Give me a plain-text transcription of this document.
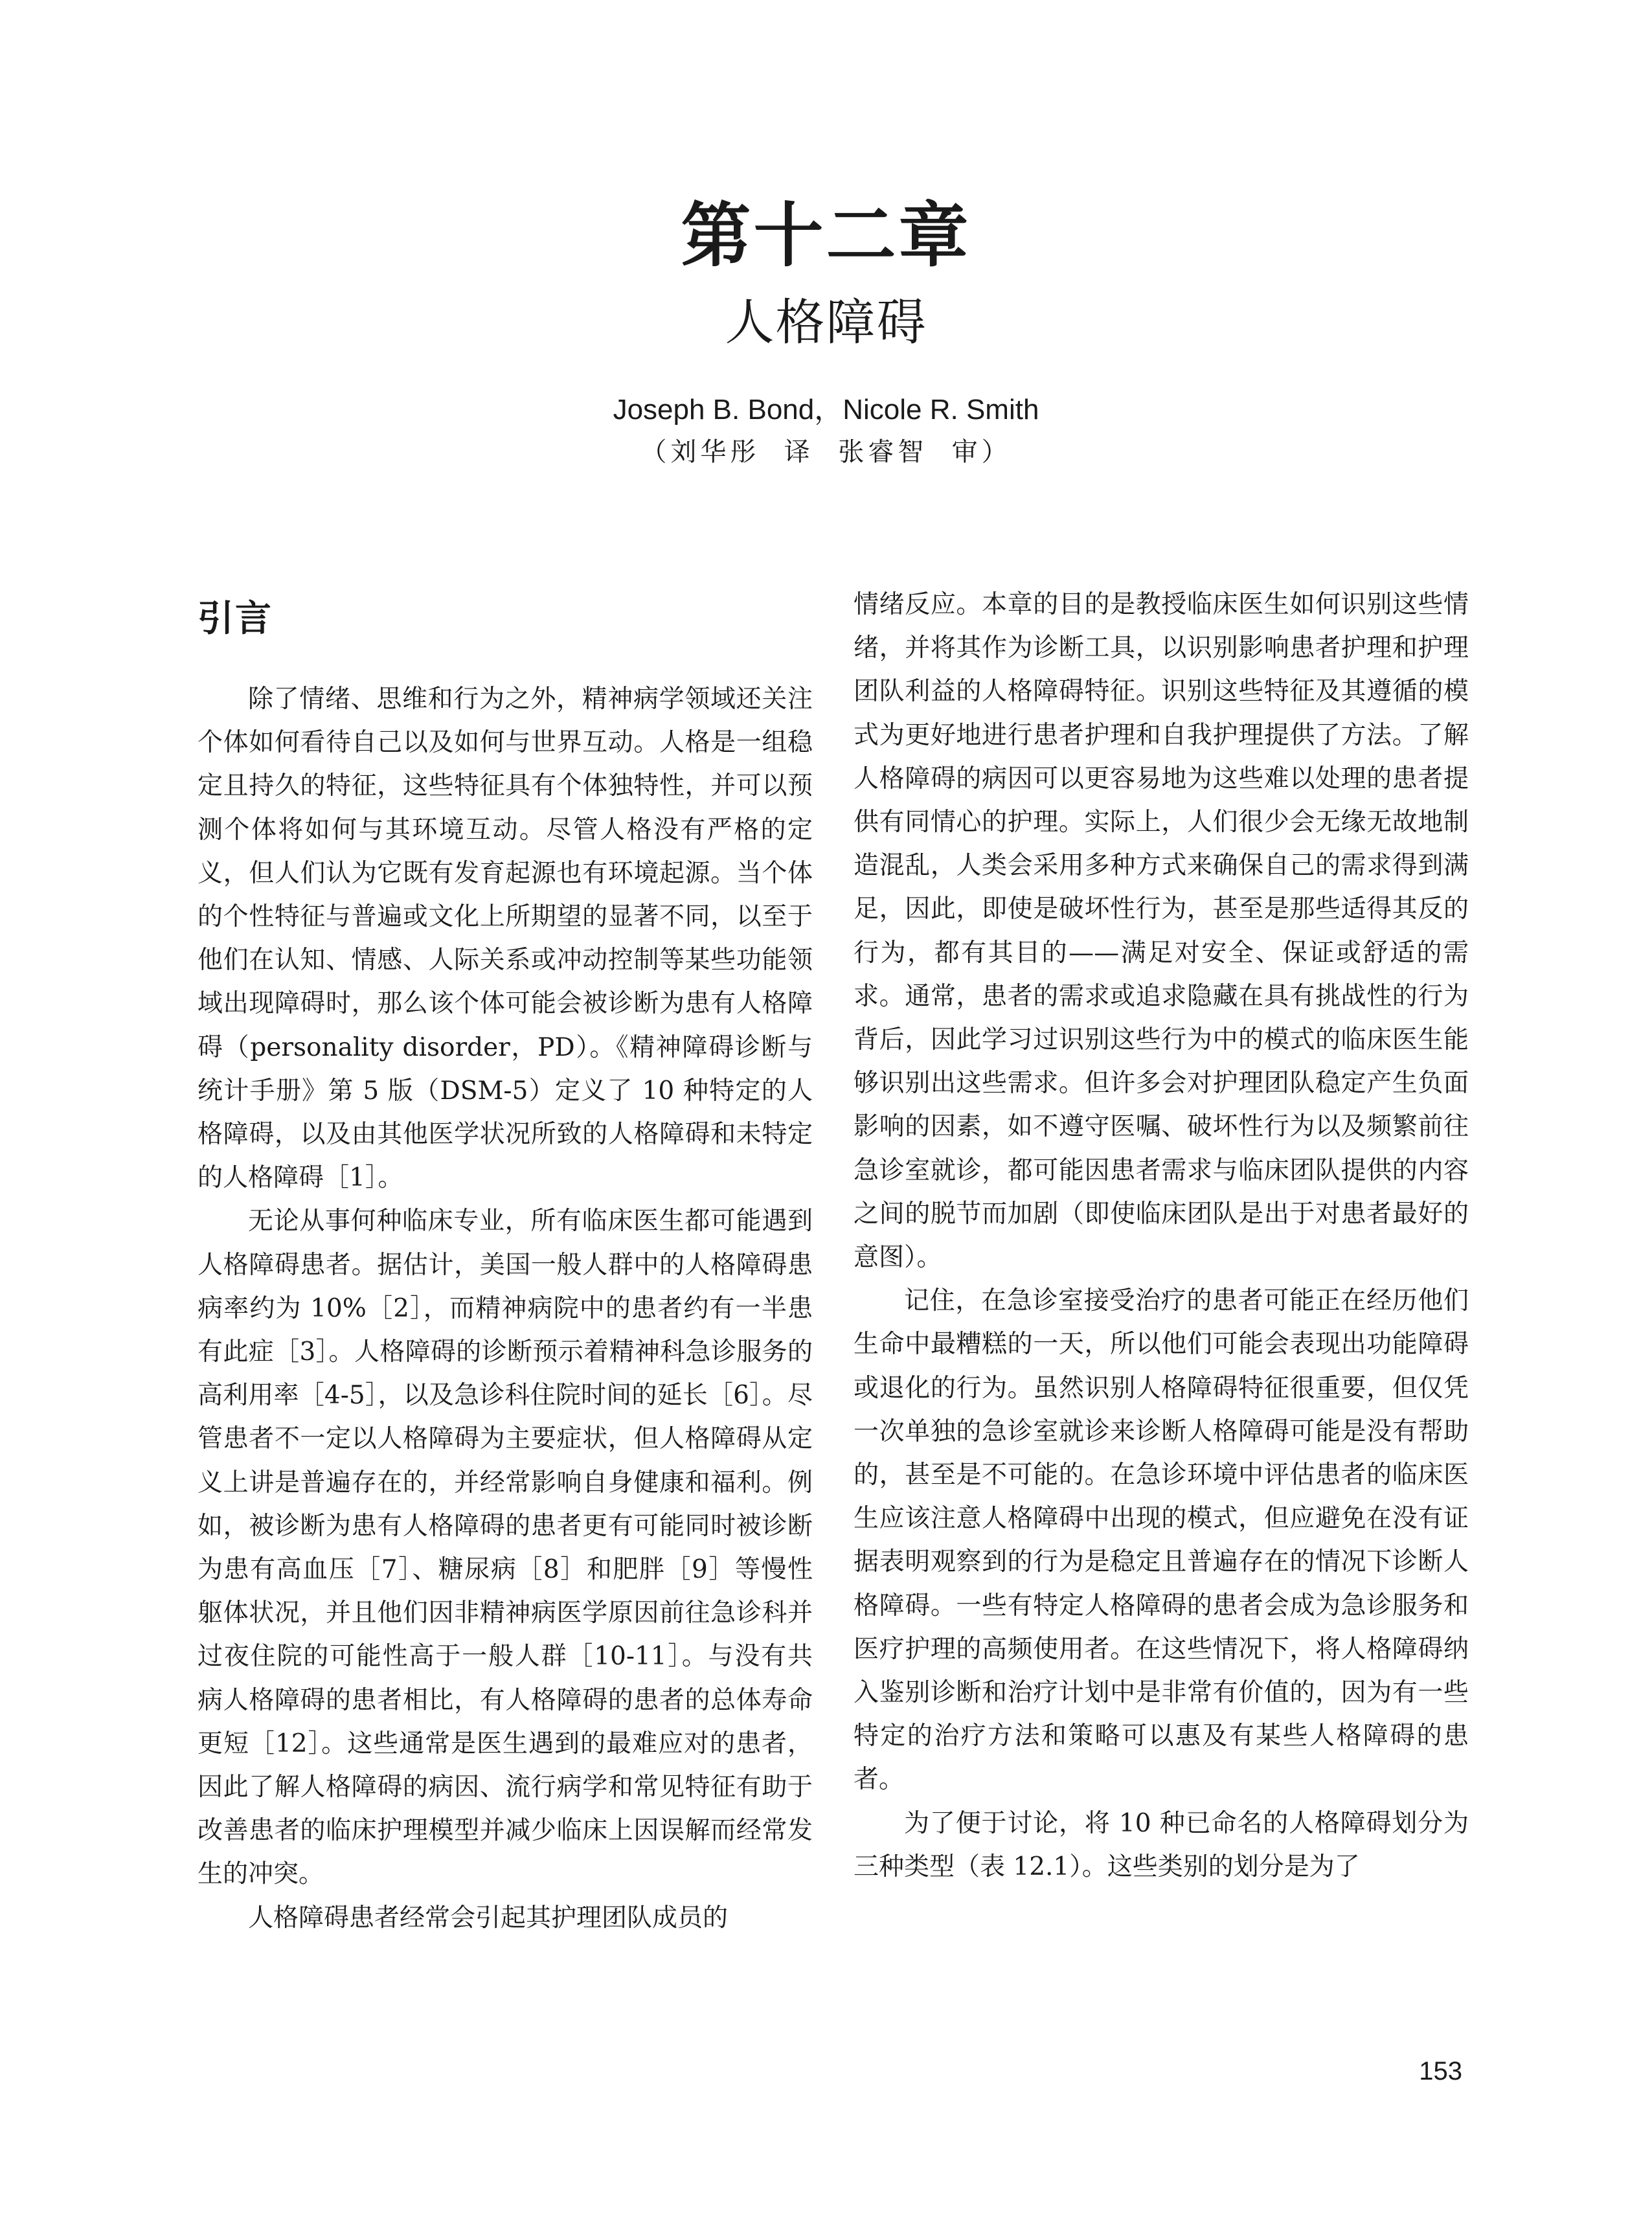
第十二章
人格障碍
Joseph B. Bond，Nicole R. Smith
（刘华彤  译  张睿智  审）
引言

除了情绪、思维和行为之外，精神病学领域还关注个体如何看待自己以及如何与世界互动。人格是一组稳定且持久的特征，这些特征具有个体独特性，并可以预测个体将如何与其环境互动。尽管人格没有严格的定义，但人们认为它既有发育起源也有环境起源。当个体的个性特征与普遍或文化上所期望的显著不同，以至于他们在认知、情感、人际关系或冲动控制等某些功能领域出现障碍时，那么该个体可能会被诊断为患有人格障碍（personality disorder，PD）。《精神障碍诊断与统计手册》第 5 版（DSM-5）定义了 10 种特定的人格障碍，以及由其他医学状况所致的人格障碍和未特定的人格障碍［1］。

无论从事何种临床专业，所有临床医生都可能遇到人格障碍患者。据估计，美国一般人群中的人格障碍患病率约为 10%［2］，而精神病院中的患者约有一半患有此症［3］。人格障碍的诊断预示着精神科急诊服务的高利用率［4-5］，以及急诊科住院时间的延长［6］。尽管患者不一定以人格障碍为主要症状，但人格障碍从定义上讲是普遍存在的，并经常影响自身健康和福利。例如，被诊断为患有人格障碍的患者更有可能同时被诊断为患有高血压［7］、糖尿病［8］和肥胖［9］等慢性躯体状况，并且他们因非精神病医学原因前往急诊科并过夜住院的可能性高于一般人群［10-11］。与没有共病人格障碍的患者相比，有人格障碍的患者的总体寿命更短［12］。这些通常是医生遇到的最难应对的患者，因此了解人格障碍的病因、流行病学和常见特征有助于改善患者的临床护理模型并减少临床上因误解而经常发生的冲突。

人格障碍患者经常会引起其护理团队成员的

情绪反应。本章的目的是教授临床医生如何识别这些情绪，并将其作为诊断工具，以识别影响患者护理和护理团队利益的人格障碍特征。识别这些特征及其遵循的模式为更好地进行患者护理和自我护理提供了方法。了解人格障碍的病因可以更容易地为这些难以处理的患者提供有同情心的护理。实际上，人们很少会无缘无故地制造混乱，人类会采用多种方式来确保自己的需求得到满足，因此，即使是破坏性行为，甚至是那些适得其反的行为，都有其目的——满足对安全、保证或舒适的需求。通常，患者的需求或追求隐藏在具有挑战性的行为背后，因此学习过识别这些行为中的模式的临床医生能够识别出这些需求。但许多会对护理团队稳定产生负面影响的因素，如不遵守医嘱、破坏性行为以及频繁前往急诊室就诊，都可能因患者需求与临床团队提供的内容之间的脱节而加剧（即使临床团队是出于对患者最好的意图）。

记住，在急诊室接受治疗的患者可能正在经历他们生命中最糟糕的一天，所以他们可能会表现出功能障碍或退化的行为。虽然识别人格障碍特征很重要，但仅凭一次单独的急诊室就诊来诊断人格障碍可能是没有帮助的，甚至是不可能的。在急诊环境中评估患者的临床医生应该注意人格障碍中出现的模式，但应避免在没有证据表明观察到的行为是稳定且普遍存在的情况下诊断人格障碍。一些有特定人格障碍的患者会成为急诊服务和医疗护理的高频使用者。在这些情况下，将人格障碍纳入鉴别诊断和治疗计划中是非常有价值的，因为有一些特定的治疗方法和策略可以惠及有某些人格障碍的患者。

为了便于讨论，将 10 种已命名的人格障碍划分为三种类型（表 12.1）。这些类别的划分是为了

153
